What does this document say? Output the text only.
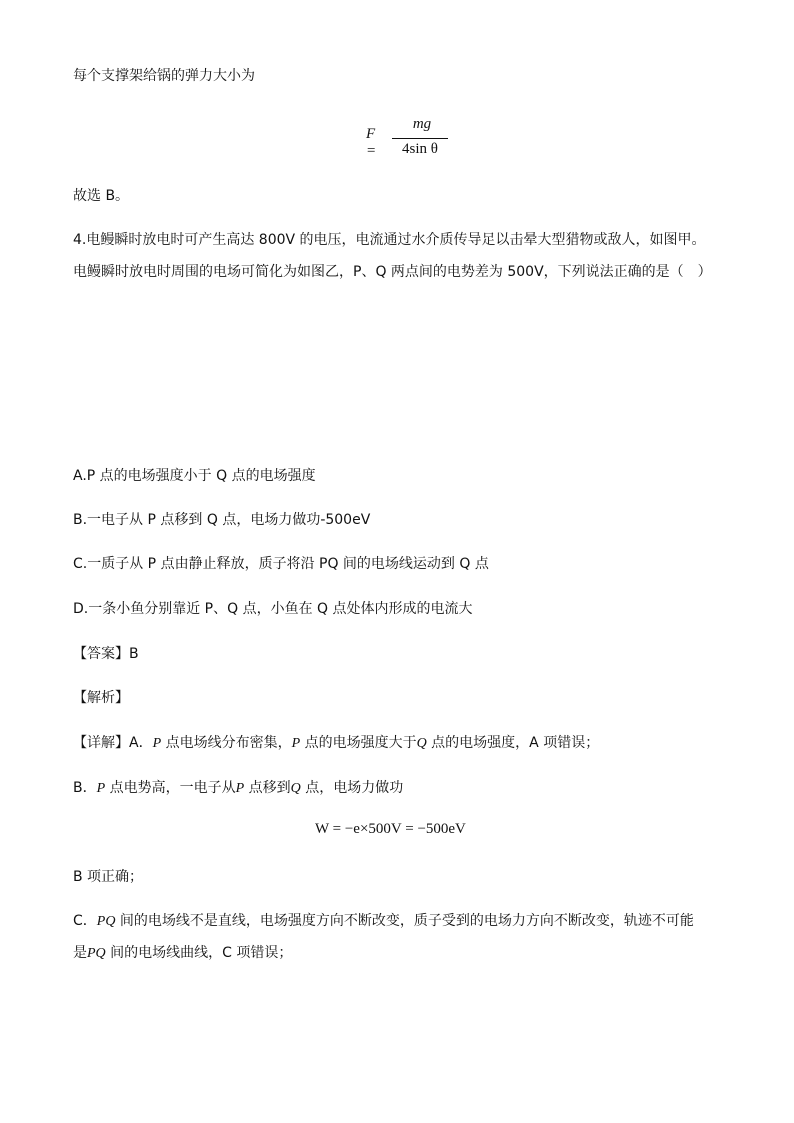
每个支撑架给锅的弹力大小为
F =
mg
4sin θ
故选 B。
4.电鳗瞬时放电时可产生高达 800V 的电压，电流通过水介质传导足以击晕大型猎物或敌人，如图甲。
电鳗瞬时放电时周围的电场可简化为如图乙，P、Q 两点间的电势差为 500V，下列说法正确的是（　）
A.P 点的电场强度小于 Q 点的电场强度
B.一电子从 P 点移到 Q 点，电场力做功-500eV
C.一质子从 P 点由静止释放，质子将沿 PQ 间的电场线运动到 Q 点
D.一条小鱼分别靠近 P、Q 点，小鱼在 Q 点处体内形成的电流大
【答案】B
【解析】
【详解】A．P 点电场线分布密集，P 点的电场强度大于Q 点的电场强度，A 项错误；
B．P 点电势高，一电子从P 点移到Q 点，电场力做功
W = −e×500V = −500eV
B 项正确；
C．PQ 间的电场线不是直线，电场强度方向不断改变，质子受到的电场力方向不断改变，轨迹不可能
是PQ 间的电场线曲线，C 项错误；
